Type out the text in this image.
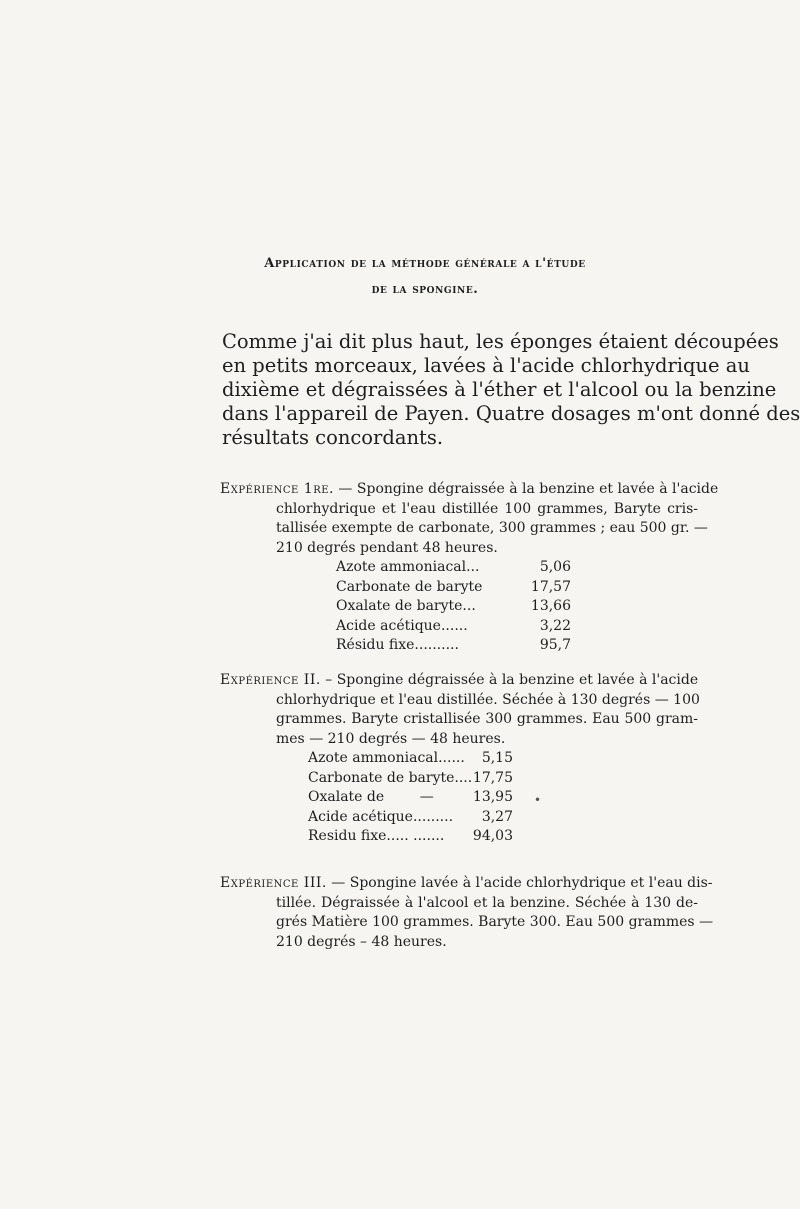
Application de la méthode générale a l'étude
de la spongine.
Comme j'ai dit plus haut, les éponges étaient découpées
en petits morceaux, lavées à l'acide chlorhydrique au
dixième et dégraissées à l'éther et l'alcool ou la benzine
dans l'appareil de Payen. Quatre dosages m'ont donné des
résultats concordants.
Expérience 1re. — Spongine dégraissée à la benzine et lavée à l'acide
chlorhydrique et l'eau distillée 100 grammes, Baryte cris-
tallisée exempte de carbonate, 300 grammes ; eau 500 gr. —
210 degrés pendant 48 heures.
Azote ammoniacal...	5,06
Carbonate de baryte	17,57
Oxalate de baryte...	13,66
Acide acétique......	3,22
Résidu fixe..........	95,7
Expérience II. – Spongine dégraissée à la benzine et lavée à l'acide
chlorhydrique et l'eau distillée. Séchée à 130 degrés — 100
grammes. Baryte cristallisée 300 grammes. Eau 500 gram-
mes — 210 degrés — 48 heures.
Azote ammoniacal......	5,15
Carbonate de baryte....	17,75
Oxalate de        —	13,95
Acide acétique.........	3,27
Residu fixe..... .......	94,03
•
Expérience III. — Spongine lavée à l'acide chlorhydrique et l'eau dis-
tillée. Dégraissée à l'alcool et la benzine. Séchée à 130 de-
grés Matière 100 grammes. Baryte 300. Eau 500 grammes —
210 degrés – 48 heures.
